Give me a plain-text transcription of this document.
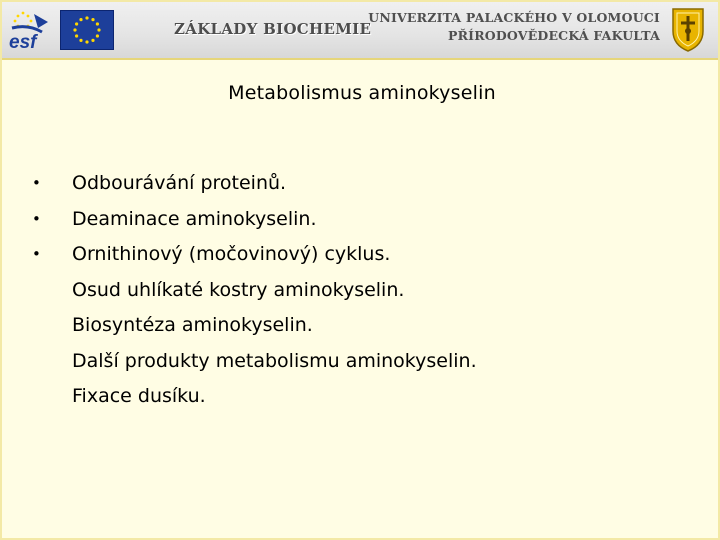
esf
ZÁKLADY BIOCHEMIE
UNIVERZITA PALACKÉHO V OLOMOUCI
PŘÍRODOVĚDECKÁ FAKULTA
Metabolismus aminokyselin
• Odbourávání proteinů.
• Deaminace aminokyselin.
• Ornithinový (močovinový) cyklus.
Osud uhlíkaté kostry aminokyselin.
Biosyntéza aminokyselin.
Další produkty metabolismu aminokyselin.
Fixace dusíku.
